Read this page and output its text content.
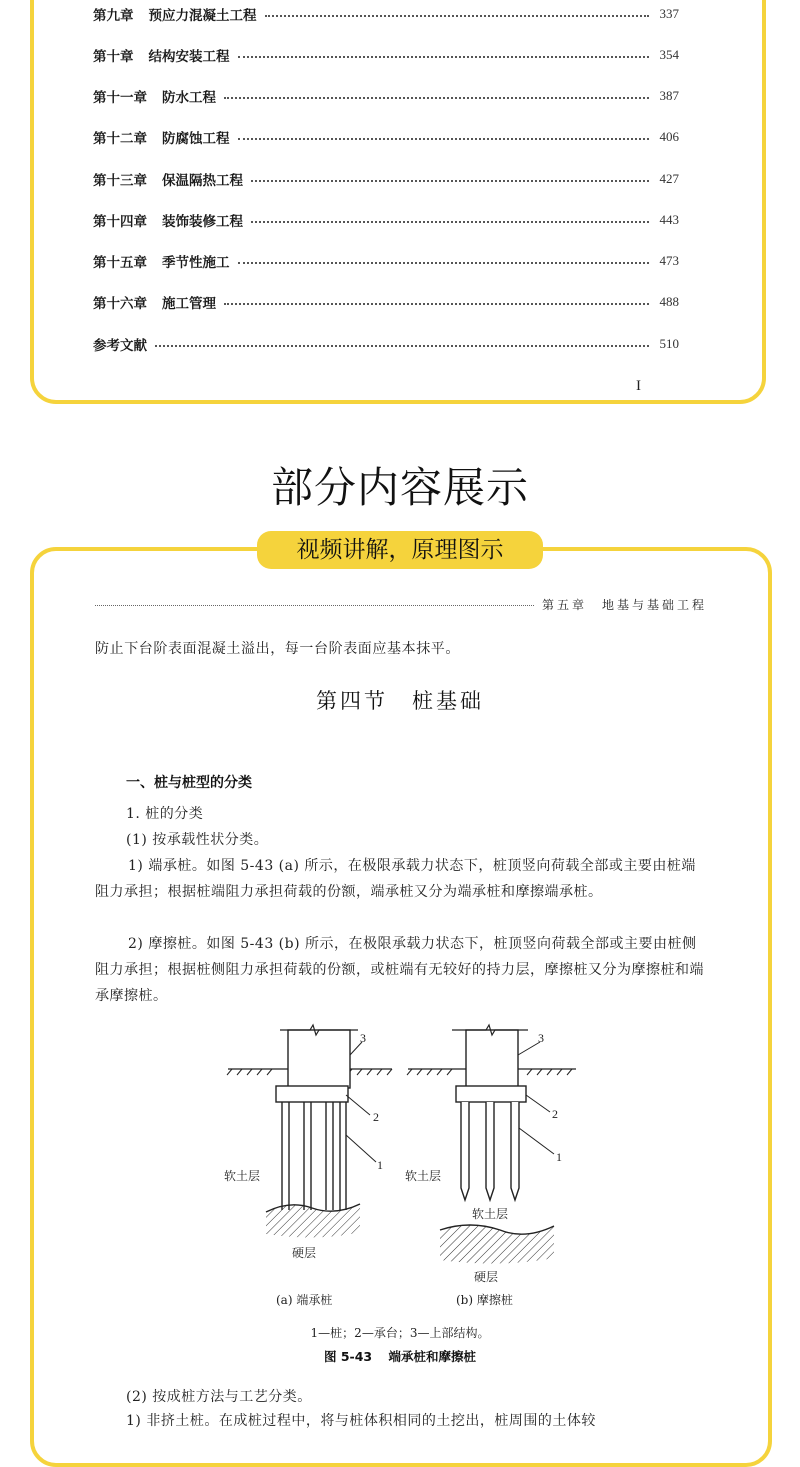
第九章 预应力混凝土工程	337
第十章 结构安装工程	354
第十一章 防水工程	387
第十二章 防腐蚀工程	406
第十三章 保温隔热工程	427
第十四章 装饰装修工程	443
第十五章 季节性施工	473
第十六章 施工管理	488
参考文献	510
I
部分内容展示
视频讲解，原理图示
第五章　地基与基础工程
防止下台阶表面混凝土溢出，每一台阶表面应基本抹平。
第四节　桩基础
一、桩与桩型的分类
1. 桩的分类
(1) 按承载性状分类。
1) 端承桩。如图 5-43 (a) 所示，在极限承载力状态下，桩顶竖向荷载全部或主要由桩端阻力承担；根据桩端阻力承担荷载的份额，端承桩又分为端承桩和摩擦端承桩。
2) 摩擦桩。如图 5-43 (b) 所示，在极限承载力状态下，桩顶竖向荷载全部或主要由桩侧阻力承担；根据桩侧阻力承担荷载的份额，或桩端有无较好的持力层，摩擦桩又分为摩擦桩和端承摩擦桩。
3
2
1
软土层
硬层
(a) 端承桩
3
2
1
软土层
软土层
硬层
(b) 摩擦桩
1—桩；2—承台；3—上部结构。
图 5-43 端承桩和摩擦桩
(2) 按成桩方法与工艺分类。
1) 非挤土桩。在成桩过程中，将与桩体积相同的土挖出，桩周围的土体较
